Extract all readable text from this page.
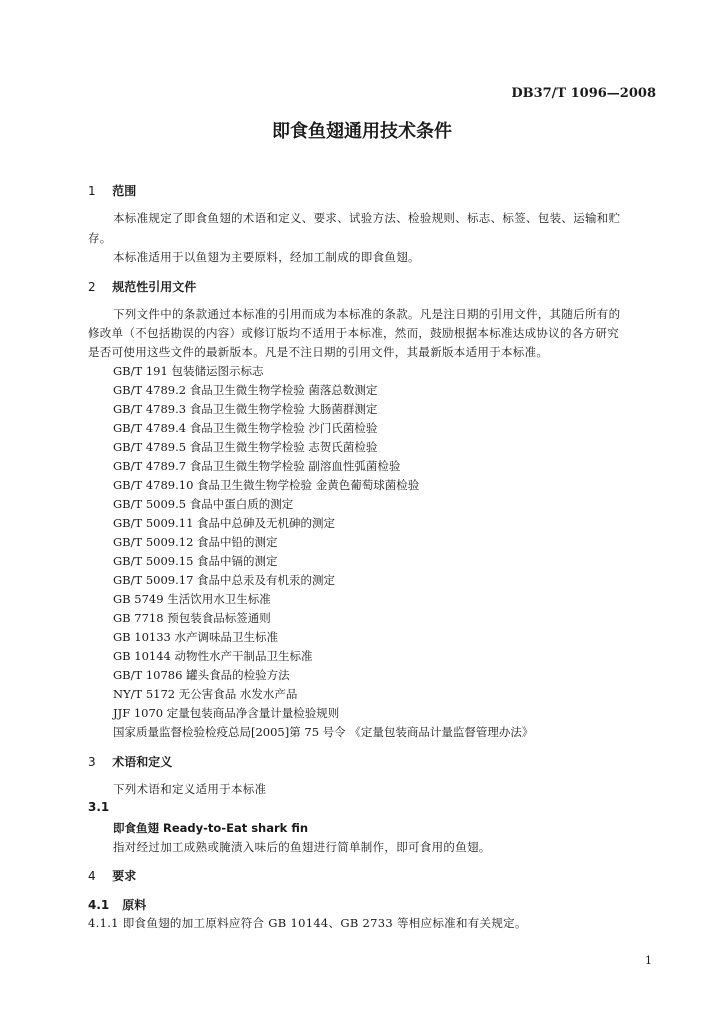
DB37/T 1096—2008
即食鱼翅通用技术条件
1 范围
本标准规定了即食鱼翅的术语和定义、要求、试验方法、检验规则、标志、标签、包装、运输和贮
存。
本标准适用于以鱼翅为主要原料，经加工制成的即食鱼翅。
2 规范性引用文件
下列文件中的条款通过本标准的引用而成为本标准的条款。凡是注日期的引用文件，其随后所有的
修改单（不包括勘误的内容）或修订版均不适用于本标准，然而，鼓励根据本标准达成协议的各方研究
是否可使用这些文件的最新版本。凡是不注日期的引用文件，其最新版本适用于本标准。
GB/T 191 包装储运图示标志
GB/T 4789.2 食品卫生微生物学检验 菌落总数测定
GB/T 4789.3 食品卫生微生物学检验 大肠菌群测定
GB/T 4789.4 食品卫生微生物学检验 沙门氏菌检验
GB/T 4789.5 食品卫生微生物学检验 志贺氏菌检验
GB/T 4789.7 食品卫生微生物学检验 副溶血性弧菌检验
GB/T 4789.10 食品卫生微生物学检验 金黄色葡萄球菌检验
GB/T 5009.5 食品中蛋白质的测定
GB/T 5009.11 食品中总砷及无机砷的测定
GB/T 5009.12 食品中铅的测定
GB/T 5009.15 食品中镉的测定
GB/T 5009.17 食品中总汞及有机汞的测定
GB 5749 生活饮用水卫生标准
GB 7718 预包装食品标签通则
GB 10133 水产调味品卫生标准
GB 10144 动物性水产干制品卫生标准
GB/T 10786 罐头食品的检验方法
NY/T 5172 无公害食品 水发水产品
JJF 1070 定量包装商品净含量计量检验规则
国家质量监督检验检疫总局[2005]第 75 号令 《定量包装商品计量监督管理办法》
3 术语和定义
下列术语和定义适用于本标准
3.1
即食鱼翅 Ready-to-Eat shark fin
指对经过加工成熟或腌渍入味后的鱼翅进行简单制作，即可食用的鱼翅。
4 要求
4.1 原料
4.1.1 即食鱼翅的加工原料应符合 GB 10144、GB 2733 等相应标准和有关规定。
1
